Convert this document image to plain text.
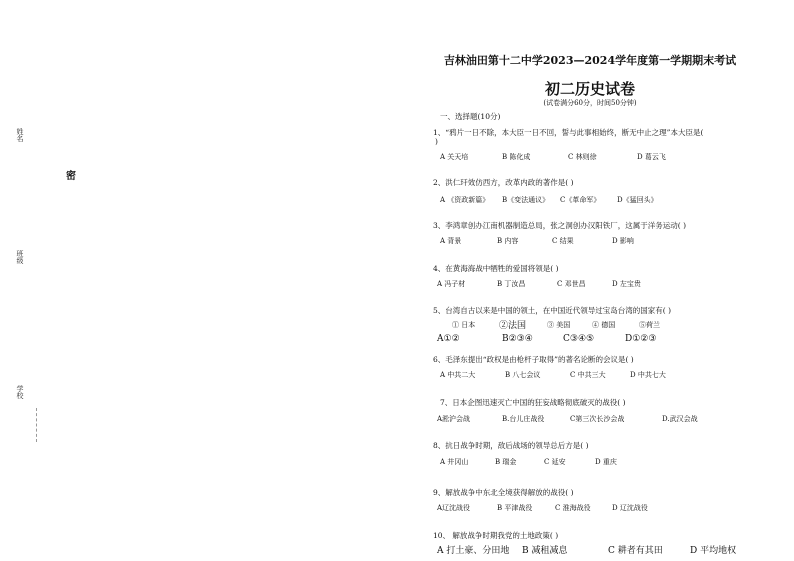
姓名
班级
学校
密
吉林油田第十二中学2023—2024学年度第一学期期末考试
初二历史试卷
(试卷满分60分，时间50分钟)
一、选择题(10分)
1、“鸦片一日不除，本大臣一日不回，誓与此事相始终，断无中止之理”本大臣是(
)
A 关天培	B 陈化成	C 林则徐	D 葛云飞
2、洪仁玕效仿西方，改革内政的著作是( )
A 《资政新篇》 B《变法通议》 C《革命军》 D《猛回头》
3、李鸿章创办江南机器制造总局，张之洞创办汉阳铁厂，这属于洋务运动( )
A 背景	B 内容	C 结果	D 影响
4、在黄海海战中牺牲的爱国将领是( )
A 冯子材	B 丁汝昌	C 邓世昌	D 左宝贵
5、台湾自古以来是中国的领土，在中国近代领导过宝岛台湾的国家有( )
① 日本	②法国	③ 美国	④ 德国	⑤荷兰
A①②	B②③④	C③④⑤	D①②③
6、毛泽东提出“政权是由枪杆子取得”的著名论断的会议是( )
A 中共二大	B 八七会议	C 中共三大	D 中共七大
7、日本企图迅速灭亡中国的狂妄战略彻底破灭的战役( )
A淞沪会战	B.台儿庄战役	C第三次长沙会战	D.武汉会战
8、抗日战争时期，敌后战场的领导总后方是( )
A 井冈山	B 瑞金	C 延安	D 重庆
9、解放战争中东北全境获得解放的战役( )
A辽沈战役	B 平津战役	C 淮海战役	D 辽沈战役
10、 解放战争时期我党的土地政策( )
A 打土豪、分田地 B 减租减息	C 耕者有其田	D 平均地权
